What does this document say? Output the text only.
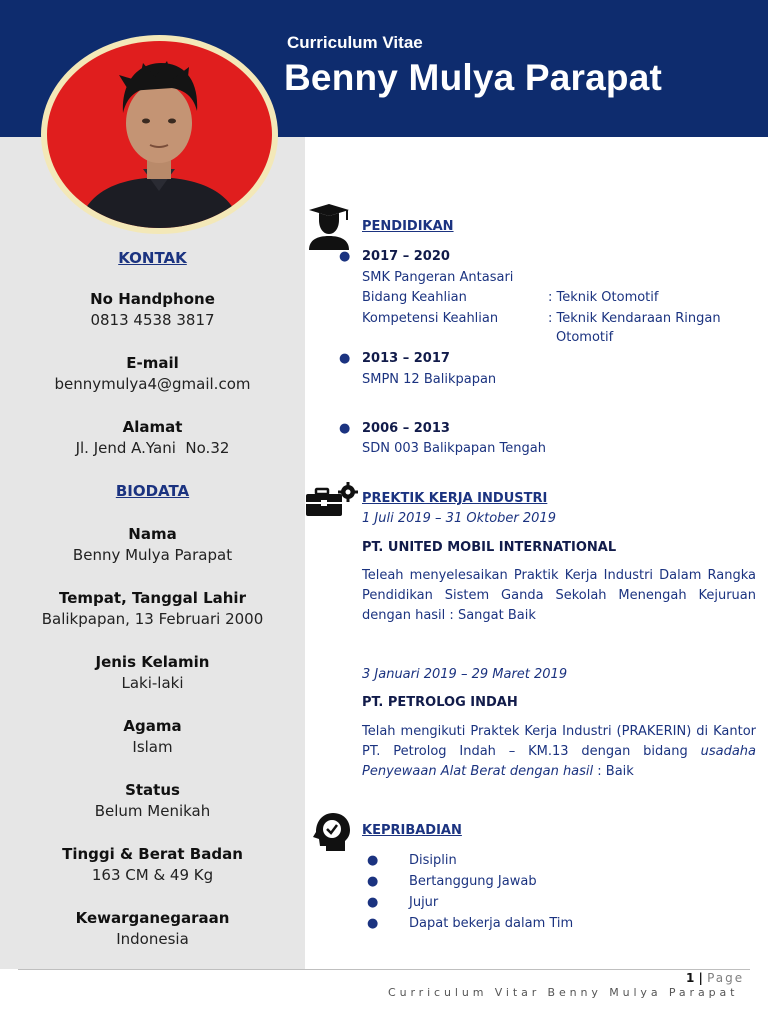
Curriculum Vitae
Benny Mulya Parapat
KONTAK
No Handphone
0813 4538 3817
E-mail
bennymulya4@gmail.com
Alamat
Jl. Jend A.Yani  No.32
BIODATA
Nama
Benny Mulya Parapat
Tempat, Tanggal Lahir
Balikpapan, 13 Februari 2000
Jenis Kelamin
Laki-laki
Agama
Islam
Status
Belum Menikah
Tinggi & Berat Badan
163 CM & 49 Kg
Kewarganegaraan
Indonesia
PENDIDIKAN
● 2017 – 2020
SMK Pangeran Antasari
Bidang Keahlian	: Teknik Otomotif
Kompetensi Keahlian	: Teknik Kendaraan Ringan
Otomotif
● 2013 – 2017
SMPN 12 Balikpapan
● 2006 – 2013
SDN 003 Balikpapan Tengah
PREKTIK KERJA INDUSTRI
1 Juli 2019 – 31 Oktober 2019
PT. UNITED MOBIL INTERNATIONAL
Teleah menyelesaikan Praktik Kerja Industri Dalam Rangka Pendidikan Sistem Ganda Sekolah Menengah Kejuruan dengan hasil : Sangat Baik
3 Januari 2019 – 29 Maret 2019
PT. PETROLOG INDAH
Telah mengikuti Praktek Kerja Industri (PRAKERIN) di Kantor PT. Petrolog Indah – KM.13 dengan bidang usadaha Penyewaan Alat Berat dengan hasil : Baik
KEPRIBADIAN
● Disiplin
● Bertanggung Jawab
● Jujur
● Dapat bekerja dalam Tim
1 | Page
Curriculum Vitar Benny Mulya Parapat
